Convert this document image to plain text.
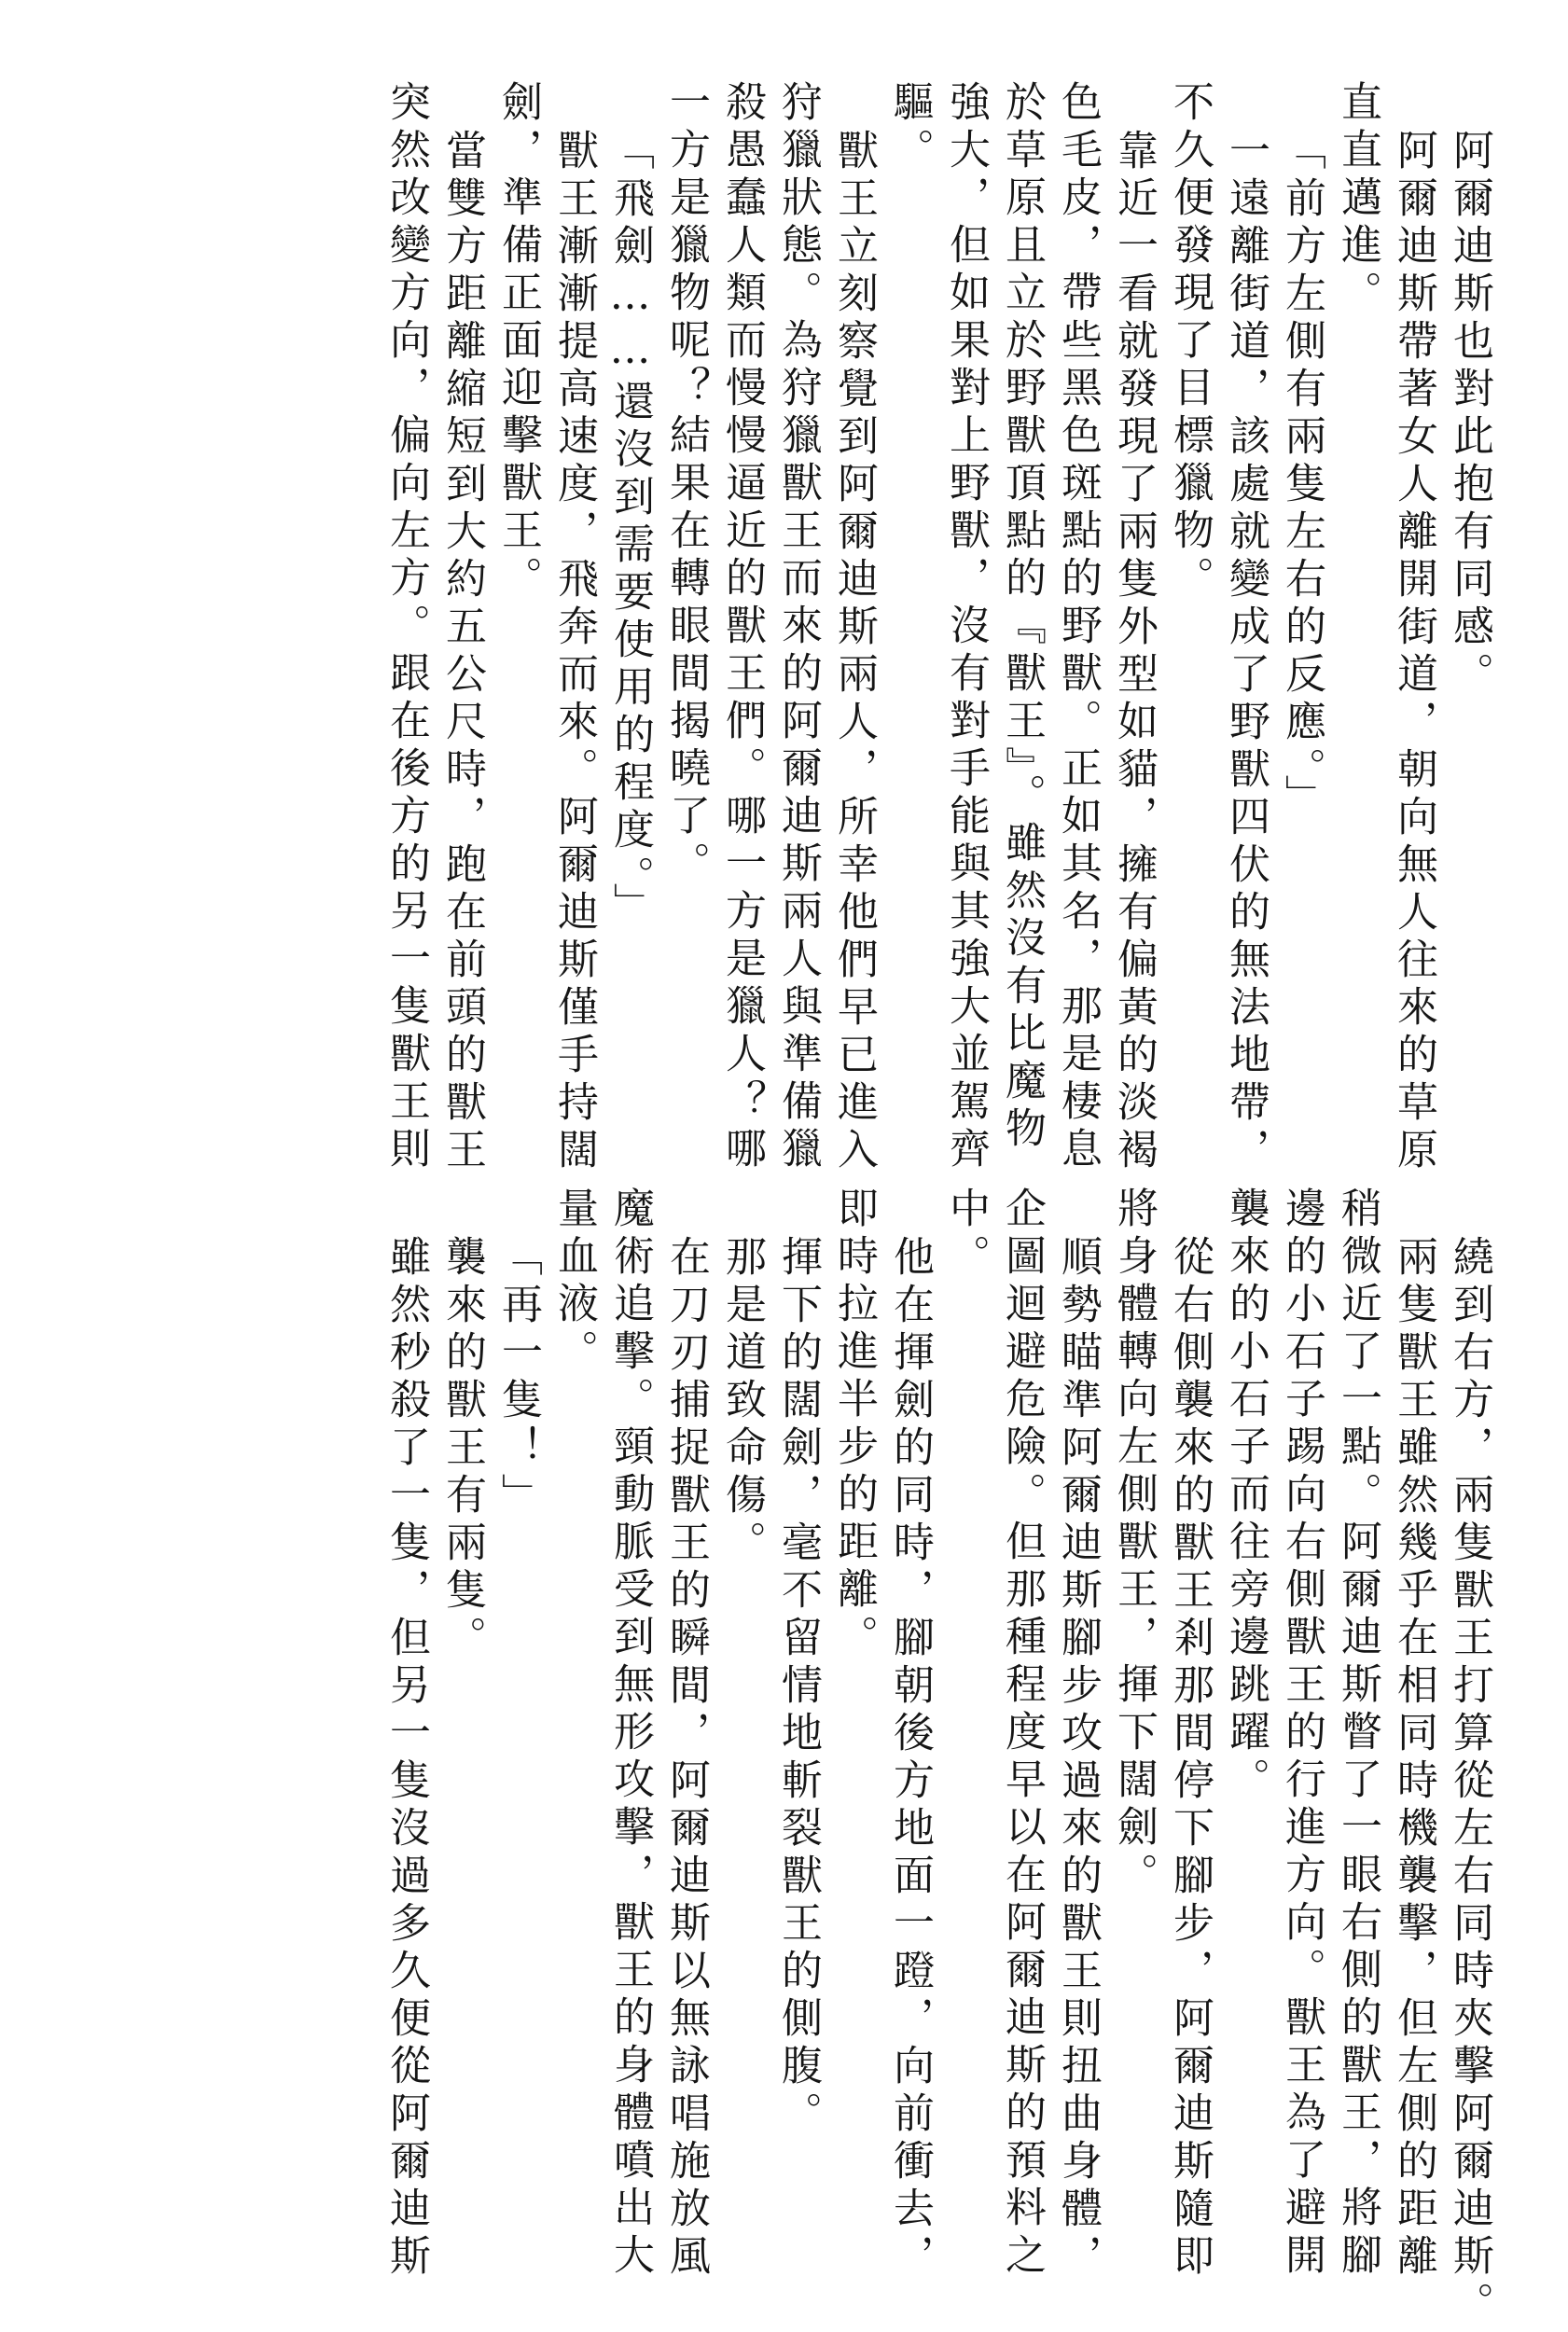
阿爾迪斯也對此抱有同感。
阿爾迪斯帶著女人離開街道，朝向無人往來的草原
直直邁進。
「前方左側有兩隻左右的反應。」
一遠離街道，該處就變成了野獸四伏的無法地帶，
不久便發現了目標獵物。
靠近一看就發現了兩隻外型如貓，擁有偏黃的淡褐
色毛皮，帶些黑色斑點的野獸。正如其名，那是棲息
於草原且立於野獸頂點的『獸王』。雖然沒有比魔物
強大，但如果對上野獸，沒有對手能與其強大並駕齊
驅。
獸王立刻察覺到阿爾迪斯兩人，所幸他們早已進入
狩獵狀態。為狩獵獸王而來的阿爾迪斯兩人與準備獵
殺愚蠢人類而慢慢逼近的獸王們。哪一方是獵人？哪
一方是獵物呢？結果在轉眼間揭曉了。
「飛劍……還沒到需要使用的程度。」
獸王漸漸提高速度，飛奔而來。阿爾迪斯僅手持闊
劍，準備正面迎擊獸王。
當雙方距離縮短到大約五公尺時，跑在前頭的獸王
突然改變方向，偏向左方。跟在後方的另一隻獸王則
繞到右方，兩隻獸王打算從左右同時夾擊阿爾迪斯。
兩隻獸王雖然幾乎在相同時機襲擊，但左側的距離
稍微近了一點。阿爾迪斯瞥了一眼右側的獸王，將腳
邊的小石子踢向右側獸王的行進方向。獸王為了避開
襲來的小石子而往旁邊跳躍。
從右側襲來的獸王剎那間停下腳步，阿爾迪斯隨即
將身體轉向左側獸王，揮下闊劍。
順勢瞄準阿爾迪斯腳步攻過來的獸王則扭曲身體，
企圖迴避危險。但那種程度早以在阿爾迪斯的預料之
中。
他在揮劍的同時，腳朝後方地面一蹬，向前衝去，
即時拉進半步的距離。
揮下的闊劍，毫不留情地斬裂獸王的側腹。
那是道致命傷。
在刀刃捕捉獸王的瞬間，阿爾迪斯以無詠唱施放風
魔術追擊。頸動脈受到無形攻擊，獸王的身體噴出大
量血液。
「再一隻！」
襲來的獸王有兩隻。
雖然秒殺了一隻，但另一隻沒過多久便從阿爾迪斯
